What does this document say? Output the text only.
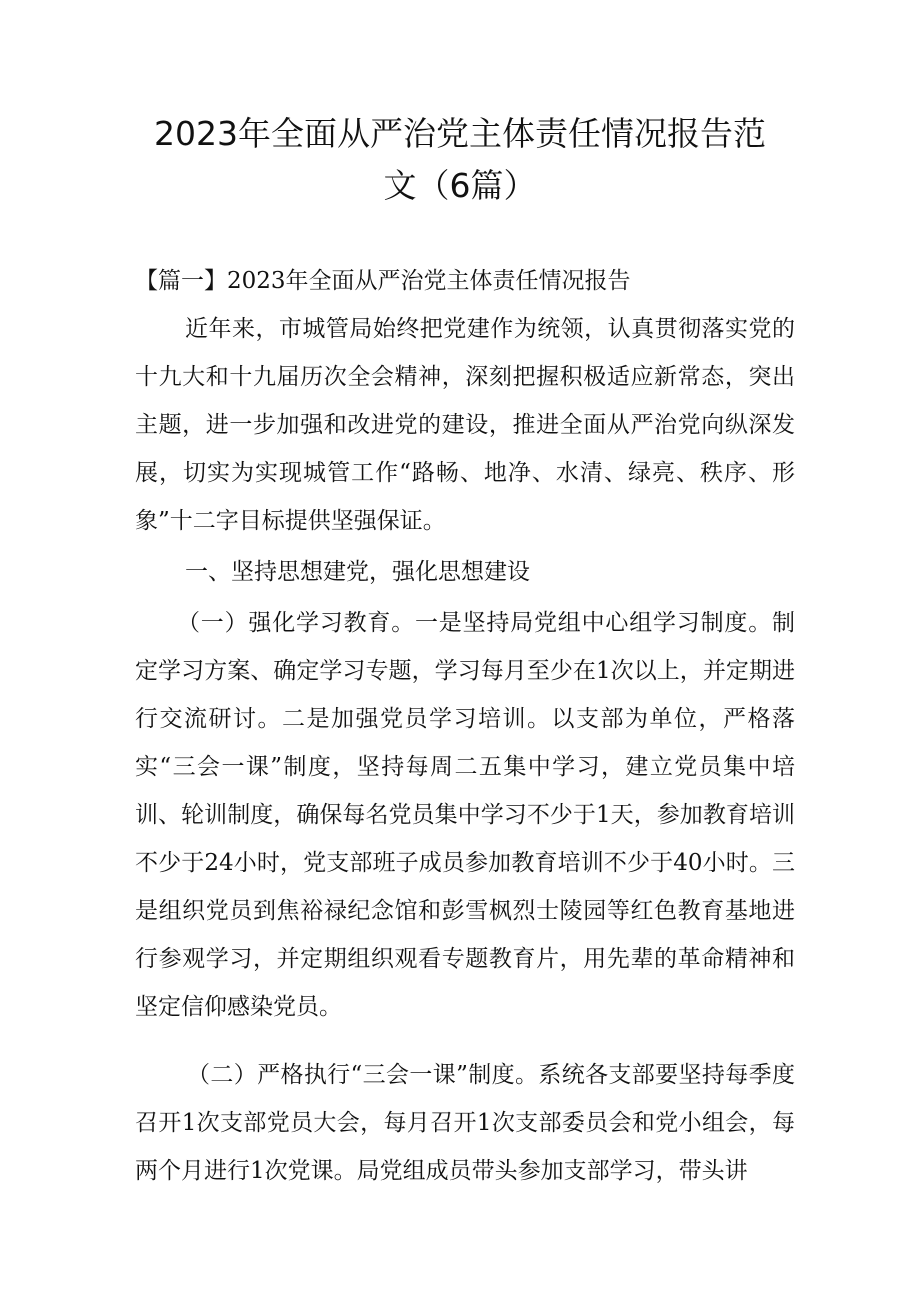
2023年全面从严治党主体责任情况报告范
文（6篇）

【篇一】2023年全面从严治党主体责任情况报告

近年来，市城管局始终把党建作为统领，认真贯彻落实党的十九大和十九届历次全会精神，深刻把握积极适应新常态，突出主题，进一步加强和改进党的建设，推进全面从严治党向纵深发展，切实为实现城管工作“路畅、地净、水清、绿亮、秩序、形象”十二字目标提供坚强保证。

一、坚持思想建党，强化思想建设

（一）强化学习教育。一是坚持局党组中心组学习制度。制定学习方案、确定学习专题，学习每月至少在1次以上，并定期进行交流研讨。二是加强党员学习培训。以支部为单位，严格落实“三会一课”制度，坚持每周二五集中学习，建立党员集中培训、轮训制度，确保每名党员集中学习不少于1天，参加教育培训不少于24小时，党支部班子成员参加教育培训不少于40小时。三是组织党员到焦裕禄纪念馆和彭雪枫烈士陵园等红色教育基地进行参观学习，并定期组织观看专题教育片，用先辈的革命精神和坚定信仰感染党员。

（二）严格执行“三会一课”制度。系统各支部要坚持每季度召开1次支部党员大会，每月召开1次支部委员会和党小组会，每两个月进行1次党课。局党组成员带头参加支部学习，带头讲
